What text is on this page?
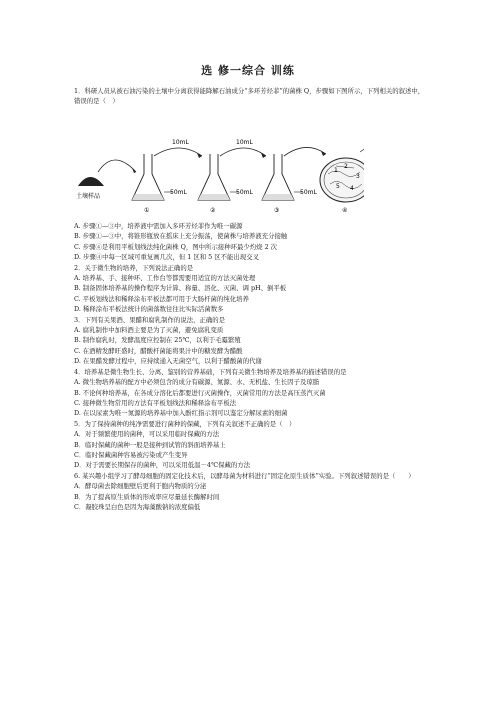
选 修一综合 训练

1．科研人员从被石油污染的土壤中分离获得能降解石油成分“多环芳烃菲”的菌株 Q，步骤如下图所示，下列相关的叙述中，错误的是（　）

土壤样品
50mL
①
10mL
50mL
②
10mL
50mL
③
1
2
3
4
5
④

A. 步骤①—③中，培养液中需加入多环芳烃菲作为唯一碳源

B. 步骤①—③中，将锥形瓶放在摇床上充分振荡，使菌株与培养液充分接触

C. 步骤④是利用平板划线法纯化菌株 Q，图中所示接种环最少灼烧 2 次

D. 步骤④中每一区域可重复画几次，但 1 区和 5 区不能出现交叉

2．关于微生物的培养，下列说法正确的是

A. 培养基、手、接种环、工作台等都需要用适宜的方法灭菌处理

B. 制备固体培养基的操作程序为计算、称量、溶化、灭菌、调 pH、倒平板

C. 平板划线法和稀释涂布平板法都可用于大肠杆菌的纯化培养

D. 稀释涂布平板法统计的菌落数往往比实际活菌数多

3．下列有关果酒、果醋和腐乳制作的说法，正确的是

A. 腐乳制作中加料酒主要是为了灭菌，避免腐乳变质

B. 制作腐乳时，发酵温度应控制在 25℃，以利于毛霉繁殖

C. 在酒精发酵旺盛时，醋酸杆菌能将果汁中的糖发酵为醋酸

D. 在果醋发酵过程中，应持续通入无菌空气，以利于醋酸菌的代谢

4．培养基是微生物生长、分离、鉴别的营养基础，下列有关微生物培养及培养基的描述错误的是

A. 微生物培养基的配方中必须包含的成分有碳源、氮源、水、无机盐、生长因子及琼脂

B. 不论何种培养基，在各成分溶化后都要进行灭菌操作，灭菌常用的方法是高压蒸汽灭菌

C. 接种微生物常用的方法有平板划线法和稀释涂布平板法

D. 在以尿素为唯一氮源的培养基中加入酚红指示剂可以鉴定分解尿素的细菌

5．为了保持菌种的纯净需要进行菌种的保藏，下列有关叙述不正确的是（　）

A．对于频繁使用的菌种，可以采用临时保藏的方法

B．临时保藏的菌种一般是接种到试管的斜面培养基上

C．临时保藏菌种容易被污染或产生变异

D．对于需要长期保存的菌种，可以采用低温－4℃保藏的方法

6. 某兴趣小组学习了酵母细胞的固定化技术后，以酵母菌为材料进行“固定化原生质体”实验。下列叙述错误的是（　　）

A．酵母菌去除细胞壁后更利于胞内物质的分泌

B．为了提高原生质体的形成率应尽量延长酶解时间

C．凝胶珠呈白色是因为海藻酸钠的浓度偏低
